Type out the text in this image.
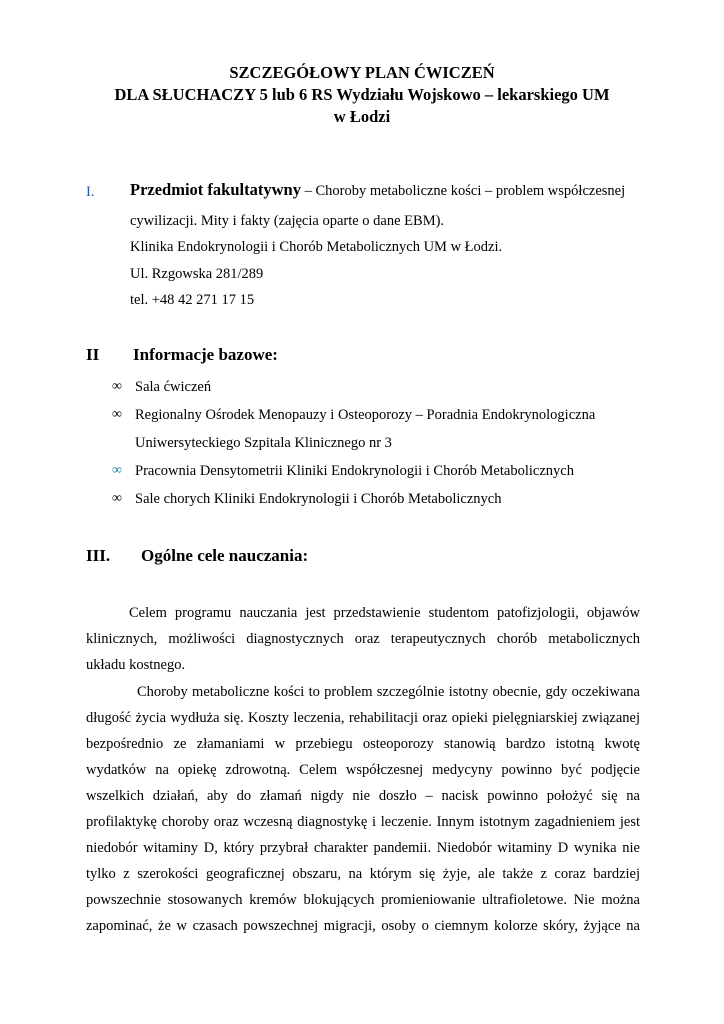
SZCZEGÓŁOWY PLAN ĆWICZEŃ
DLA SŁUCHACZY 5 lub 6 RS Wydziału Wojskowo – lekarskiego UM
w Łodzi
I. Przedmiot fakultatywny – Choroby metaboliczne kości – problem współczesnej
cywilizacji. Mity i fakty (zajęcia oparte o dane EBM).
Klinika Endokrynologii i Chorób Metabolicznych UM w Łodzi.
Ul. Rzgowska 281/289
tel. +48 42 271 17 15
II Informacje bazowe:
∞ Sala ćwiczeń
∞ Regionalny Ośrodek Menopauzy i Osteoporozy – Poradnia Endokrynologiczna
Uniwersyteckiego Szpitala Klinicznego nr 3
∞ Pracownia Densytometrii Kliniki Endokrynologii i Chorób Metabolicznych
∞ Sale chorych Kliniki Endokrynologii i Chorób Metabolicznych
III. Ogólne cele nauczania:
Celem programu nauczania jest przedstawienie studentom patofizjologii, objawów
klinicznych, możliwości diagnostycznych oraz terapeutycznych chorób metabolicznych
układu kostnego.
Choroby metaboliczne kości to problem szczególnie istotny obecnie, gdy oczekiwana
długość życia wydłuża się. Koszty leczenia, rehabilitacji oraz opieki pielęgniarskiej związanej
bezpośrednio ze złamaniami w przebiegu osteoporozy stanowią bardzo istotną kwotę
wydatków na opiekę zdrowotną. Celem współczesnej medycyny powinno być podjęcie
wszelkich działań, aby do złamań nigdy nie doszło – nacisk powinno położyć się na
profilaktykę choroby oraz wczesną diagnostykę i leczenie. Innym istotnym zagadnieniem jest
niedobór witaminy D, który przybrał charakter pandemii. Niedobór witaminy D wynika nie
tylko z szerokości geograficznej obszaru, na którym się żyje, ale także z coraz bardziej
powszechnie stosowanych kremów blokujących promieniowanie ultrafioletowe. Nie można
zapominać, że w czasach powszechnej migracji, osoby o ciemnym kolorze skóry, żyjące na
